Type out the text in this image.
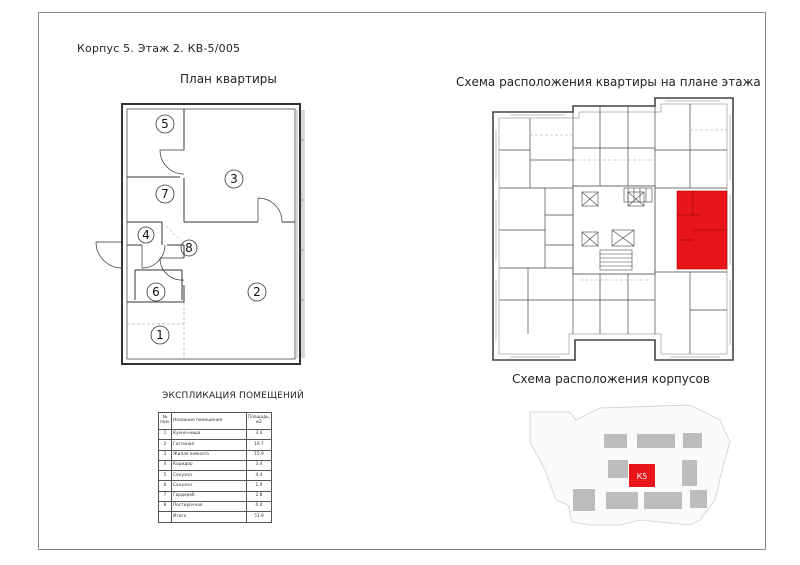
Корпус 5. Этаж 2. КВ-5/005
План квартиры	Схема расположения квартиры на плане этажа
Схема расположения корпусов
5
3
7
4
8
6	2
1
К5
ЭКСПЛИКАЦИЯ ПОМЕЩЕНИЙ
№ пом.	Название помещения	Площадь, м2
1	Кухня-ниша	3.4
2	Гостиная	19.7
3	Жилая комната	15.9
4	Коридор	3.4
5	Санузел	4.4
6	Санузел	1.9
7	Гардероб	2.8
8	Постирочная	0.4
	Итого	51.9
